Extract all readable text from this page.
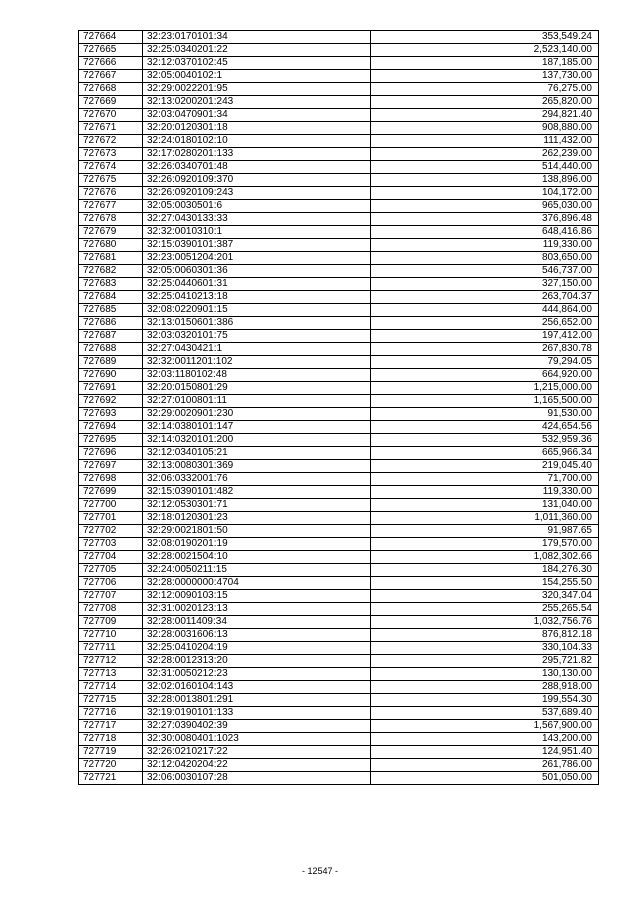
727664	32:23:0170101:34	353,549.24
727665	32:25:0340201:22	2,523,140.00
727666	32:12:0370102:45	187,185.00
727667	32:05:0040102:1	137,730.00
727668	32:29:0022201:95	76,275.00
727669	32:13:0200201:243	265,820.00
727670	32:03:0470901:34	294,821.40
727671	32:20:0120301:18	908,880.00
727672	32:24:0180102:10	111,432.00
727673	32:17:0280201:133	262,239.00
727674	32:26:0340701:48	514,440.00
727675	32:26:0920109:370	138,896.00
727676	32:26:0920109:243	104,172.00
727677	32:05:0030501:6	965,030.00
727678	32:27:0430133:33	376,896.48
727679	32:32:0010310:1	648,416.86
727680	32:15:0390101:387	119,330.00
727681	32:23:0051204:201	803,650.00
727682	32:05:0060301:36	546,737.00
727683	32:25:0440601:31	327,150.00
727684	32:25:0410213:18	263,704.37
727685	32:08:0220901:15	444,864.00
727686	32:13:0150601:386	256,652.00
727687	32:03:0320101:75	197,412.00
727688	32:27:0430421:1	267,830.78
727689	32:32:0011201:102	79,294.05
727690	32:03:1180102:48	664,920.00
727691	32:20:0150801:29	1,215,000.00
727692	32:27:0100801:11	1,165,500.00
727693	32:29:0020901:230	91,530.00
727694	32:14:0380101:147	424,654.56
727695	32:14:0320101:200	532,959.36
727696	32:12:0340105:21	665,966.34
727697	32:13:0080301:369	219,045.40
727698	32:06:0332001:76	71,700.00
727699	32:15:0390101:482	119,330.00
727700	32:12:0530301:71	131,040.00
727701	32:18:0120301:23	1,011,360.00
727702	32:29:0021801:50	91,987.65
727703	32:08:0190201:19	179,570.00
727704	32:28:0021504:10	1,082,302.66
727705	32:24:0050211:15	184,276.30
727706	32:28:0000000:4704	154,255.50
727707	32:12:0090103:15	320,347.04
727708	32:31:0020123:13	255,265.54
727709	32:28:0011409:34	1,032,756.76
727710	32:28:0031606:13	876,812.18
727711	32:25:0410204:19	330,104.33
727712	32:28:0012313:20	295,721.82
727713	32:31:0050212:23	130,130.00
727714	32:02:0160104:143	288,918.00
727715	32:28:0013801:291	199,554.30
727716	32:19:0190101:133	537,689.40
727717	32:27:0390402:39	1,567,900.00
727718	32:30:0080401:1023	143,200.00
727719	32:26:0210217:22	124,951.40
727720	32:12:0420204:22	261,786.00
727721	32:06:0030107:28	501,050.00
- 12547 -
